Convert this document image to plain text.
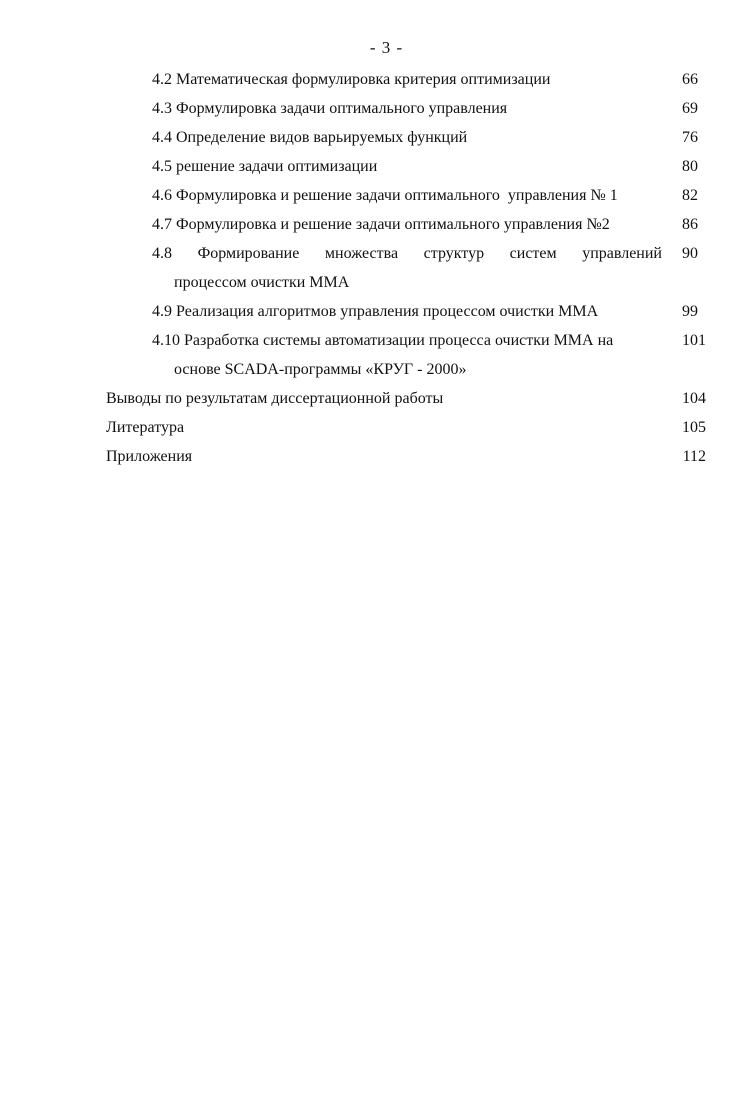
- 3 -
4.2 Математическая формулировка критерия оптимизации	66
4.3 Формулировка задачи оптимального управления	69
4.4 Определение видов варьируемых функций	76
4.5 решение задачи оптимизации	80
4.6 Формулировка и решение задачи оптимального  управления № 1	82
4.7 Формулировка и решение задачи оптимального управления №2	86
4.8 Формирование множества структур систем управлений	90
процессом очистки ММА
4.9 Реализация алгоритмов управления процессом очистки ММА	99
4.10 Разработка системы автоматизации процесса очистки ММА на	101
основе SCADA-программы «КРУГ - 2000»
Выводы по результатам диссертационной работы	104
Литература	105
Приложения	112
